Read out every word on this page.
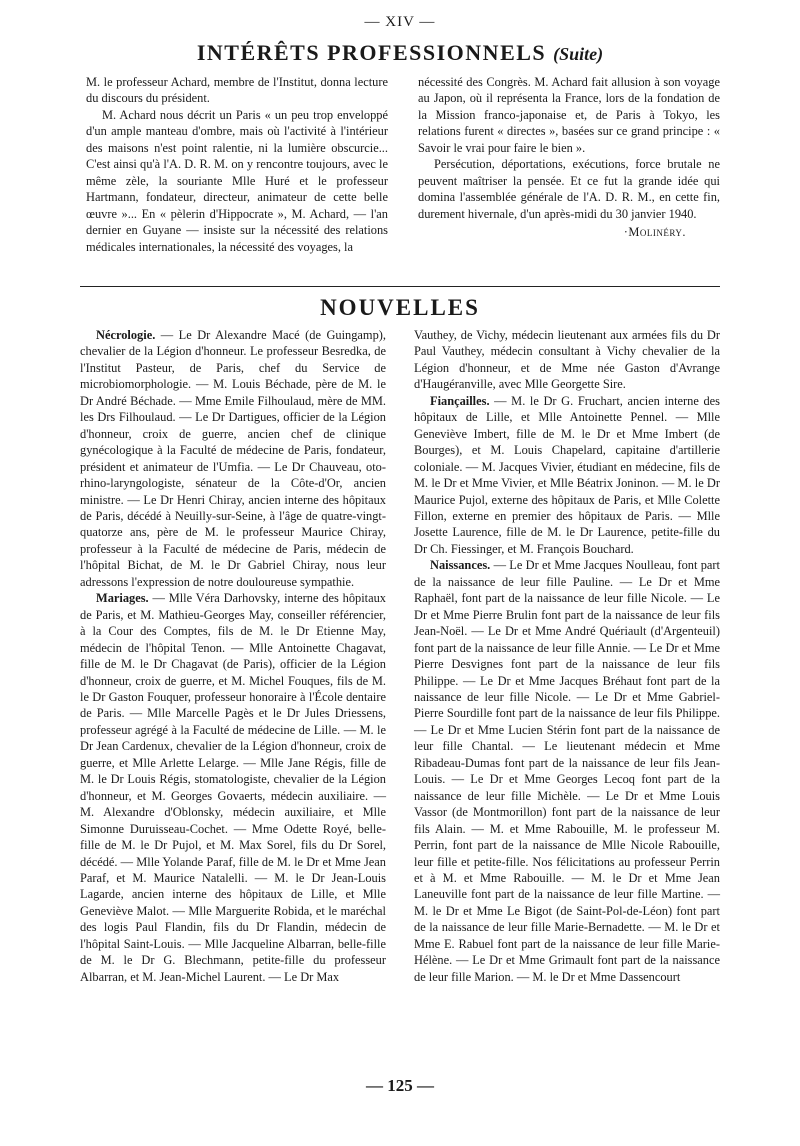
— XIV —
INTÉRÊTS PROFESSIONNELS (Suite)

M. le professeur Achard, membre de l'Institut, donna lecture du discours du président.

M. Achard nous décrit un Paris « un peu trop enveloppé d'un ample manteau d'ombre, mais où l'activité à l'intérieur des maisons n'est point ralentie, ni la lumière obscurcie... C'est ainsi qu'à l'A. D. R. M. on y rencontre toujours, avec le même zèle, la souriante Mlle Huré et le professeur Hartmann, fondateur, directeur, animateur de cette belle œuvre »... En « pèlerin d'Hippocrate », M. Achard, — l'an dernier en Guyane — insiste sur la nécessité des relations médicales internationales, la nécessité des voyages, la

nécessité des Congrès. M. Achard fait allusion à son voyage au Japon, où il représenta la France, lors de la fondation de la Mission franco-japonaise et, de Paris à Tokyo, les relations furent « directes », basées sur ce grand principe : « Savoir le vrai pour faire le bien ».

Persécution, déportations, exécutions, force brutale ne peuvent maîtriser la pensée. Et ce fut la grande idée qui domina l'assemblée générale de l'A. D. R. M., en cette fin, durement hivernale, d'un après-midi du 30 janvier 1940.

·Molinéry.
NOUVELLES

Nécrologie. — Le Dr Alexandre Macé (de Guingamp), chevalier de la Légion d'honneur. Le professeur Besredka, de l'Institut Pasteur, de Paris, chef du Service de microbiomorphologie. — M. Louis Béchade, père de M. le Dr André Béchade. — Mme Emile Filhoulaud, mère de MM. les Drs Filhoulaud. — Le Dr Dartigues, officier de la Légion d'honneur, croix de guerre, ancien chef de clinique gynécologique à la Faculté de médecine de Paris, fondateur, président et animateur de l'Umfia. — Le Dr Chauveau, oto-rhino-laryngologiste, sénateur de la Côte-d'Or, ancien ministre. — Le Dr Henri Chiray, ancien interne des hôpitaux de Paris, décédé à Neuilly-sur-Seine, à l'âge de quatre-vingt-quatorze ans, père de M. le professeur Maurice Chiray, professeur à la Faculté de médecine de Paris, médecin de l'hôpital Bichat, de M. le Dr Gabriel Chiray, nous leur adressons l'expression de notre douloureuse sympathie.

Mariages. — Mlle Véra Darhovsky, interne des hôpitaux de Paris, et M. Mathieu-Georges May, conseiller référencier, à la Cour des Comptes, fils de M. le Dr Etienne May, médecin de l'hôpital Tenon. — Mlle Antoinette Chagavat, fille de M. le Dr Chagavat (de Paris), officier de la Légion d'honneur, croix de guerre, et M. Michel Fouques, fils de M. le Dr Gaston Fouquer, professeur honoraire à l'École dentaire de Paris. — Mlle Marcelle Pagès et le Dr Jules Driessens, professeur agrégé à la Faculté de médecine de Lille. — M. le Dr Jean Cardenux, chevalier de la Légion d'honneur, croix de guerre, et Mlle Arlette Lelarge. — Mlle Jane Régis, fille de M. le Dr Louis Régis, stomatologiste, chevalier de la Légion d'honneur, et M. Georges Govaerts, médecin auxiliaire. — M. Alexandre d'Oblonsky, médecin auxiliaire, et Mlle Simonne Duruisseau-Cochet. — Mme Odette Royé, belle-fille de M. le Dr Pujol, et M. Max Sorel, fils du Dr Sorel, décédé. — Mlle Yolande Paraf, fille de M. le Dr et Mme Jean Paraf, et M. Maurice Natalelli. — M. le Dr Jean-Louis Lagarde, ancien interne des hôpitaux de Lille, et Mlle Geneviève Malot. — Mlle Marguerite Robida, et le maréchal des logis Paul Flandin, fils du Dr Flandin, médecin de l'hôpital Saint-Louis. — Mlle Jacqueline Albarran, belle-fille de M. le Dr G. Blechmann, petite-fille du professeur Albarran, et M. Jean-Michel Laurent. — Le Dr Max

Vauthey, de Vichy, médecin lieutenant aux armées fils du Dr Paul Vauthey, médecin consultant à Vichy chevalier de la Légion d'honneur, et de Mme née Gaston d'Avrange d'Haugéranville, avec Mlle Georgette Sire.

Fiançailles. — M. le Dr G. Fruchart, ancien interne des hôpitaux de Lille, et Mlle Antoinette Pennel. — Mlle Geneviève Imbert, fille de M. le Dr et Mme Imbert (de Bourges), et M. Louis Chapelard, capitaine d'artillerie coloniale. — M. Jacques Vivier, étudiant en médecine, fils de M. le Dr et Mme Vivier, et Mlle Béatrix Joninon. — M. le Dr Maurice Pujol, externe des hôpitaux de Paris, et Mlle Colette Fillon, externe en premier des hôpitaux de Paris. — Mlle Josette Laurence, fille de M. le Dr Laurence, petite-fille du Dr Ch. Fiessinger, et M. François Bouchard.

Naissances. — Le Dr et Mme Jacques Noulleau, font part de la naissance de leur fille Pauline. — Le Dr et Mme Raphaël, font part de la naissance de leur fille Nicole. — Le Dr et Mme Pierre Brulin font part de la naissance de leur fils Jean-Noël. — Le Dr et Mme André Quériault (d'Argenteuil) font part de la naissance de leur fille Annie. — Le Dr et Mme Pierre Desvignes font part de la naissance de leur fils Philippe. — Le Dr et Mme Jacques Bréhaut font part de la naissance de leur fille Nicole. — Le Dr et Mme Gabriel-Pierre Sourdille font part de la naissance de leur fils Philippe. — Le Dr et Mme Lucien Stérin font part de la naissance de leur fille Chantal. — Le lieutenant médecin et Mme Ribadeau-Dumas font part de la naissance de leur fils Jean-Louis. — Le Dr et Mme Georges Lecoq font part de la naissance de leur fille Michèle. — Le Dr et Mme Louis Vassor (de Montmorillon) font part de la naissance de leur fils Alain. — M. et Mme Rabouille, M. le professeur M. Perrin, font part de la naissance de Mlle Nicole Rabouille, leur fille et petite-fille. Nos félicitations au professeur Perrin et à M. et Mme Rabouille. — M. le Dr et Mme Jean Laneuville font part de la naissance de leur fille Martine. — M. le Dr et Mme Le Bigot (de Saint-Pol-de-Léon) font part de la naissance de leur fille Marie-Bernadette. — M. le Dr et Mme E. Rabuel font part de la naissance de leur fille Marie-Hélène. — Le Dr et Mme Grimault font part de la naissance de leur fille Marion. — M. le Dr et Mme Dassencourt

— 125 —
